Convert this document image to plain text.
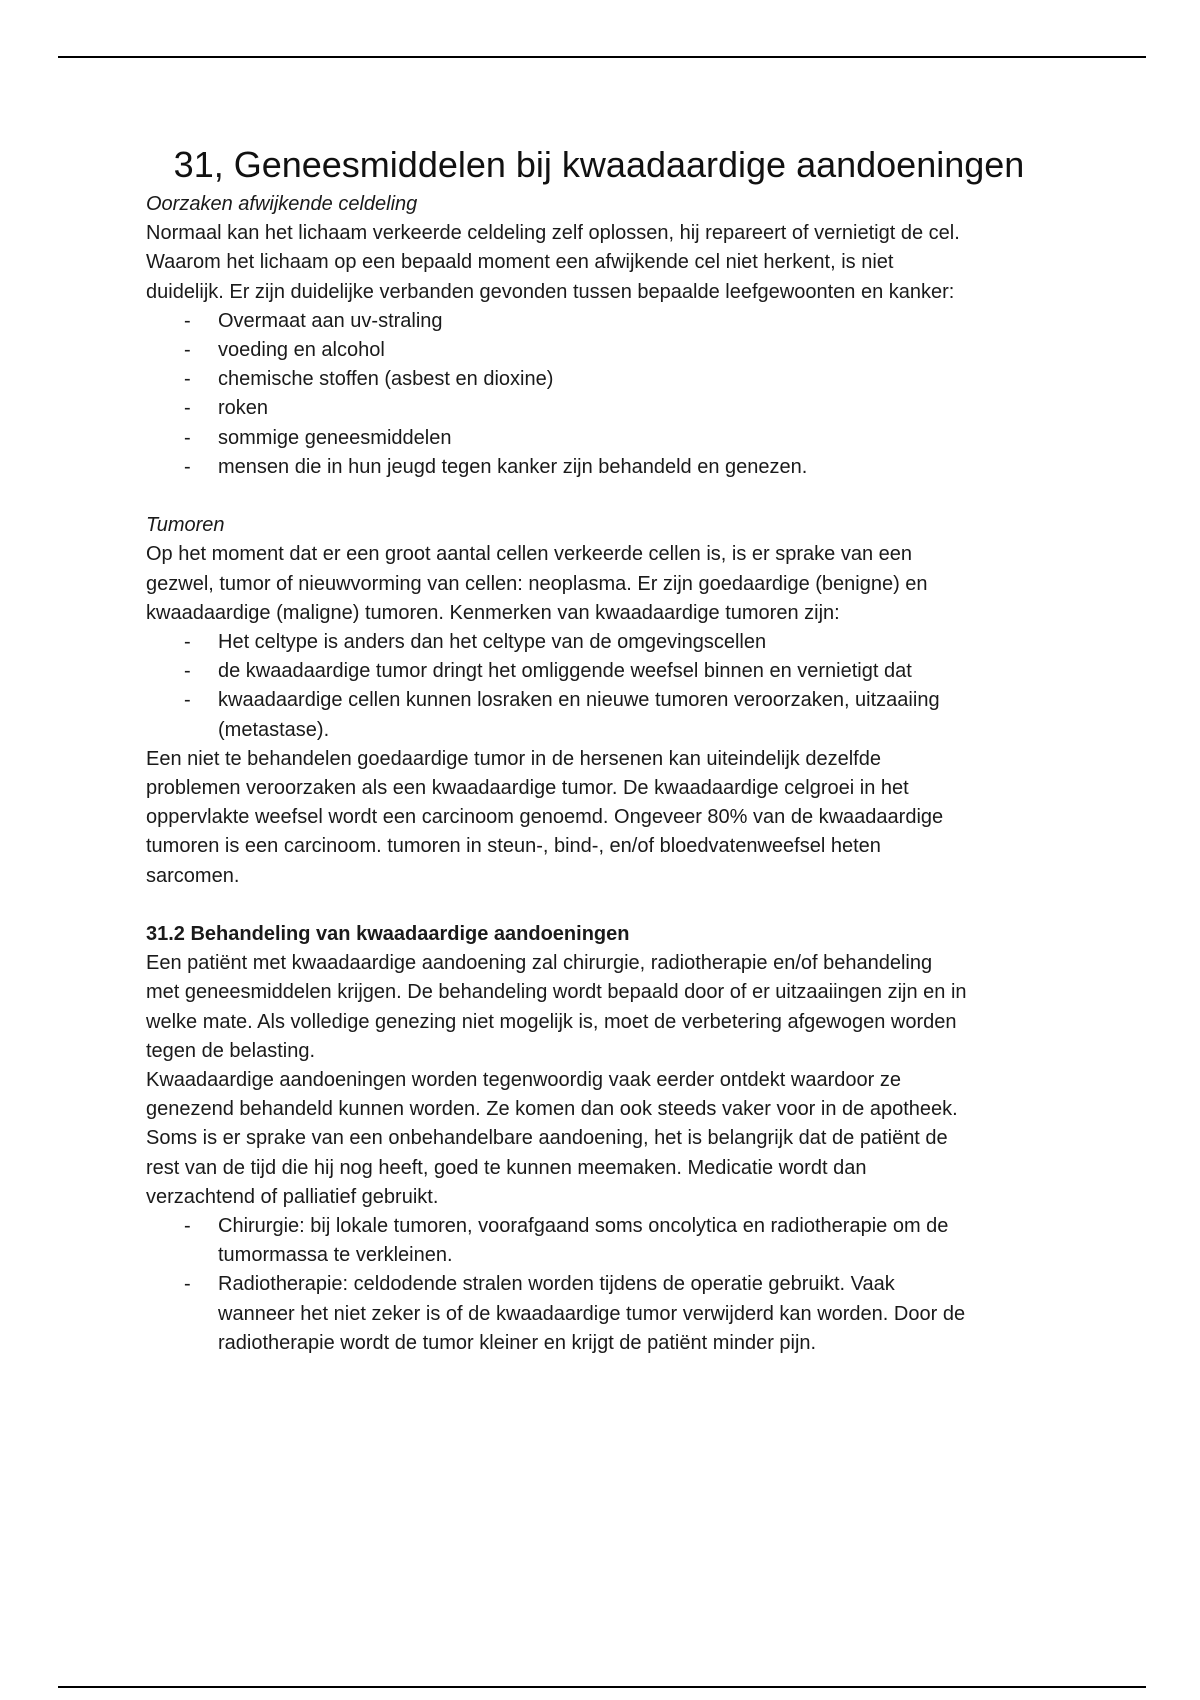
31, Geneesmiddelen bij kwaadaardige aandoeningen
Oorzaken afwijkende celdeling
Normaal kan het lichaam verkeerde celdeling zelf oplossen, hij repareert of vernietigt de cel.
Waarom het lichaam op een bepaald moment een afwijkende cel niet herkent, is niet
duidelijk. Er zijn duidelijke verbanden gevonden tussen bepaalde leefgewoonten en kanker:
- Overmaat aan uv-straling
- voeding en alcohol
- chemische stoffen (asbest en dioxine)
- roken
- sommige geneesmiddelen
- mensen die in hun jeugd tegen kanker zijn behandeld en genezen.
Tumoren
Op het moment dat er een groot aantal cellen verkeerde cellen is, is er sprake van een
gezwel, tumor of nieuwvorming van cellen: neoplasma. Er zijn goedaardige (benigne) en
kwaadaardige (maligne) tumoren. Kenmerken van kwaadaardige tumoren zijn:
- Het celtype is anders dan het celtype van de omgevingscellen
- de kwaadaardige tumor dringt het omliggende weefsel binnen en vernietigt dat
- kwaadaardige cellen kunnen losraken en nieuwe tumoren veroorzaken, uitzaaiing
(metastase).
Een niet te behandelen goedaardige tumor in de hersenen kan uiteindelijk dezelfde
problemen veroorzaken als een kwaadaardige tumor. De kwaadaardige celgroei in het
oppervlakte weefsel wordt een carcinoom genoemd. Ongeveer 80% van de kwaadaardige
tumoren is een carcinoom. tumoren in steun-, bind-, en/of bloedvatenweefsel heten
sarcomen.
31.2 Behandeling van kwaadaardige aandoeningen
Een patiënt met kwaadaardige aandoening zal chirurgie, radiotherapie en/of behandeling
met geneesmiddelen krijgen. De behandeling wordt bepaald door of er uitzaaiingen zijn en in
welke mate. Als volledige genezing niet mogelijk is, moet de verbetering afgewogen worden
tegen de belasting.
Kwaadaardige aandoeningen worden tegenwoordig vaak eerder ontdekt waardoor ze
genezend behandeld kunnen worden. Ze komen dan ook steeds vaker voor in de apotheek.
Soms is er sprake van een onbehandelbare aandoening, het is belangrijk dat de patiënt de
rest van de tijd die hij nog heeft, goed te kunnen meemaken. Medicatie wordt dan
verzachtend of palliatief gebruikt.
- Chirurgie: bij lokale tumoren, voorafgaand soms oncolytica en radiotherapie om de
tumormassa te verkleinen.
- Radiotherapie: celdodende stralen worden tijdens de operatie gebruikt. Vaak
wanneer het niet zeker is of de kwaadaardige tumor verwijderd kan worden. Door de
radiotherapie wordt de tumor kleiner en krijgt de patiënt minder pijn.
